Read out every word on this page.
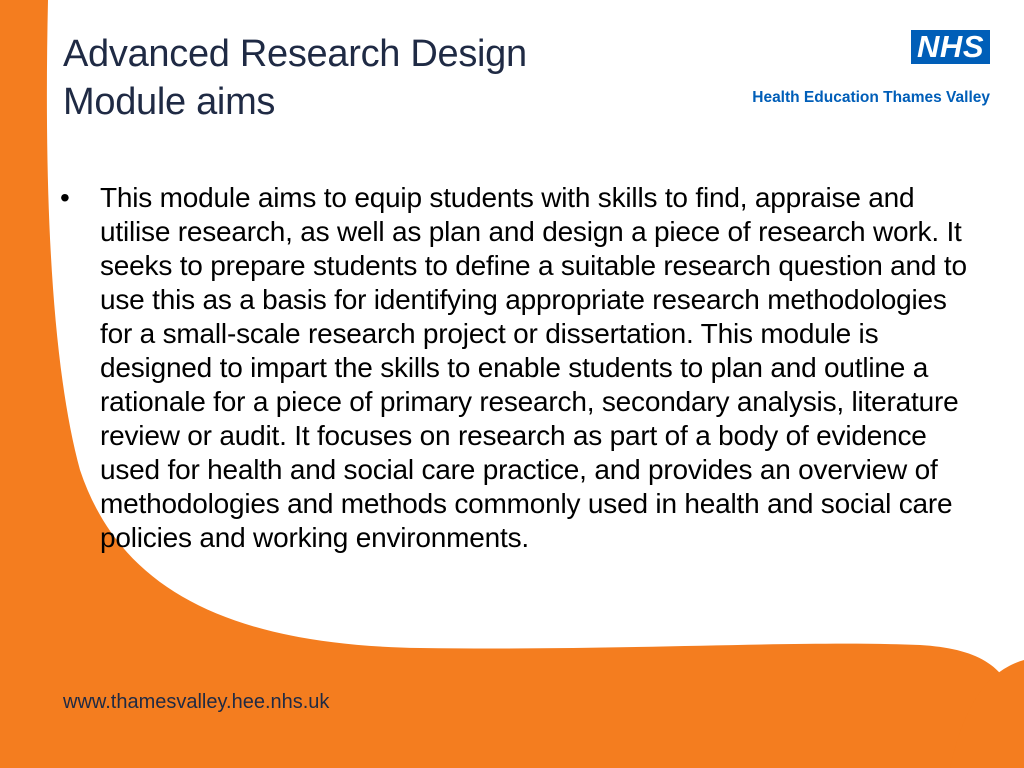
Advanced Research Design
Module aims
NHS
Health Education Thames Valley
•	This module aims to equip students with skills to find, appraise and utilise research, as well as plan and design a piece of research work. It seeks to prepare students to define a suitable research question and to use this as a basis for identifying appropriate research methodologies for a small-scale research project or dissertation. This module is designed to impart the skills to enable students to plan and outline a rationale for a piece of primary research, secondary analysis, literature review or audit. It focuses on research as part of a body of evidence used for health and social care practice, and provides an overview of methodologies and methods commonly used in health and social care policies and working environments.
www.thamesvalley.hee.nhs.uk
